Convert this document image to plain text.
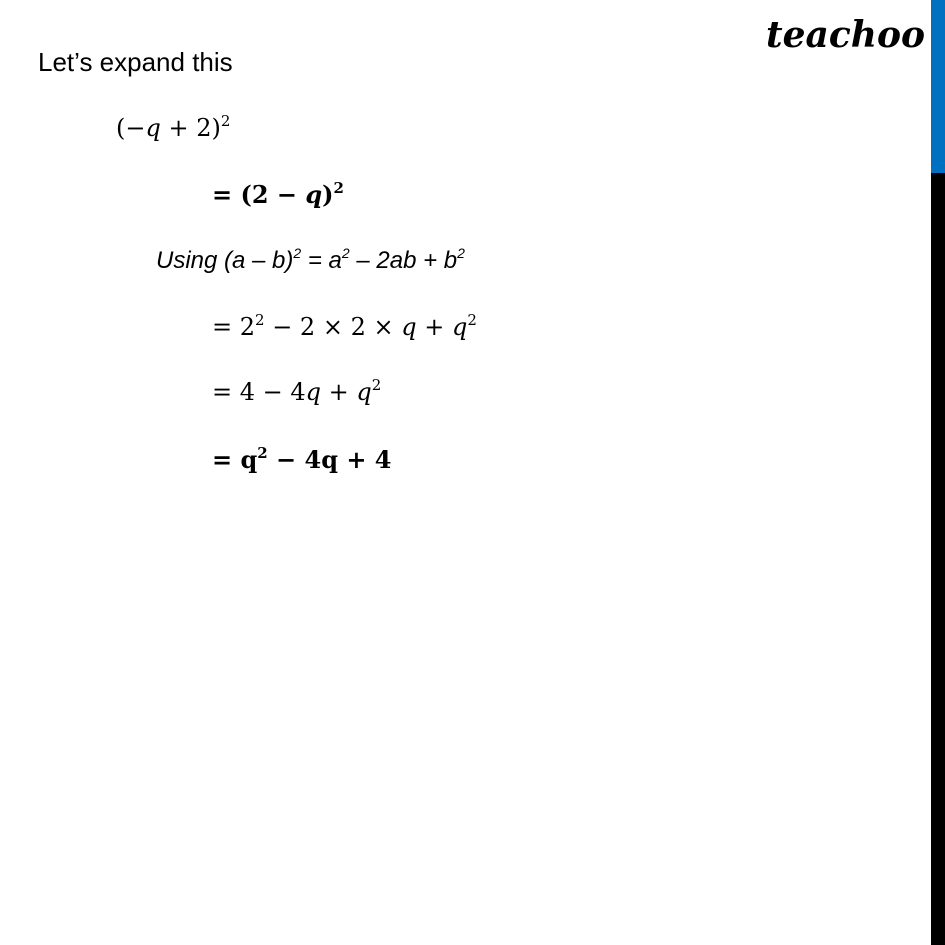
teachoo
Let’s expand this
$(-q + 2)^2$
= $(2 - q)^2$
Using $(a - b)^2 = a^2 - 2ab + b^2$
= $2^2 - 2 \times 2 \times q + q^2$
= $4 - 4q + q^2$
= $q^2 - 4q + 4$
